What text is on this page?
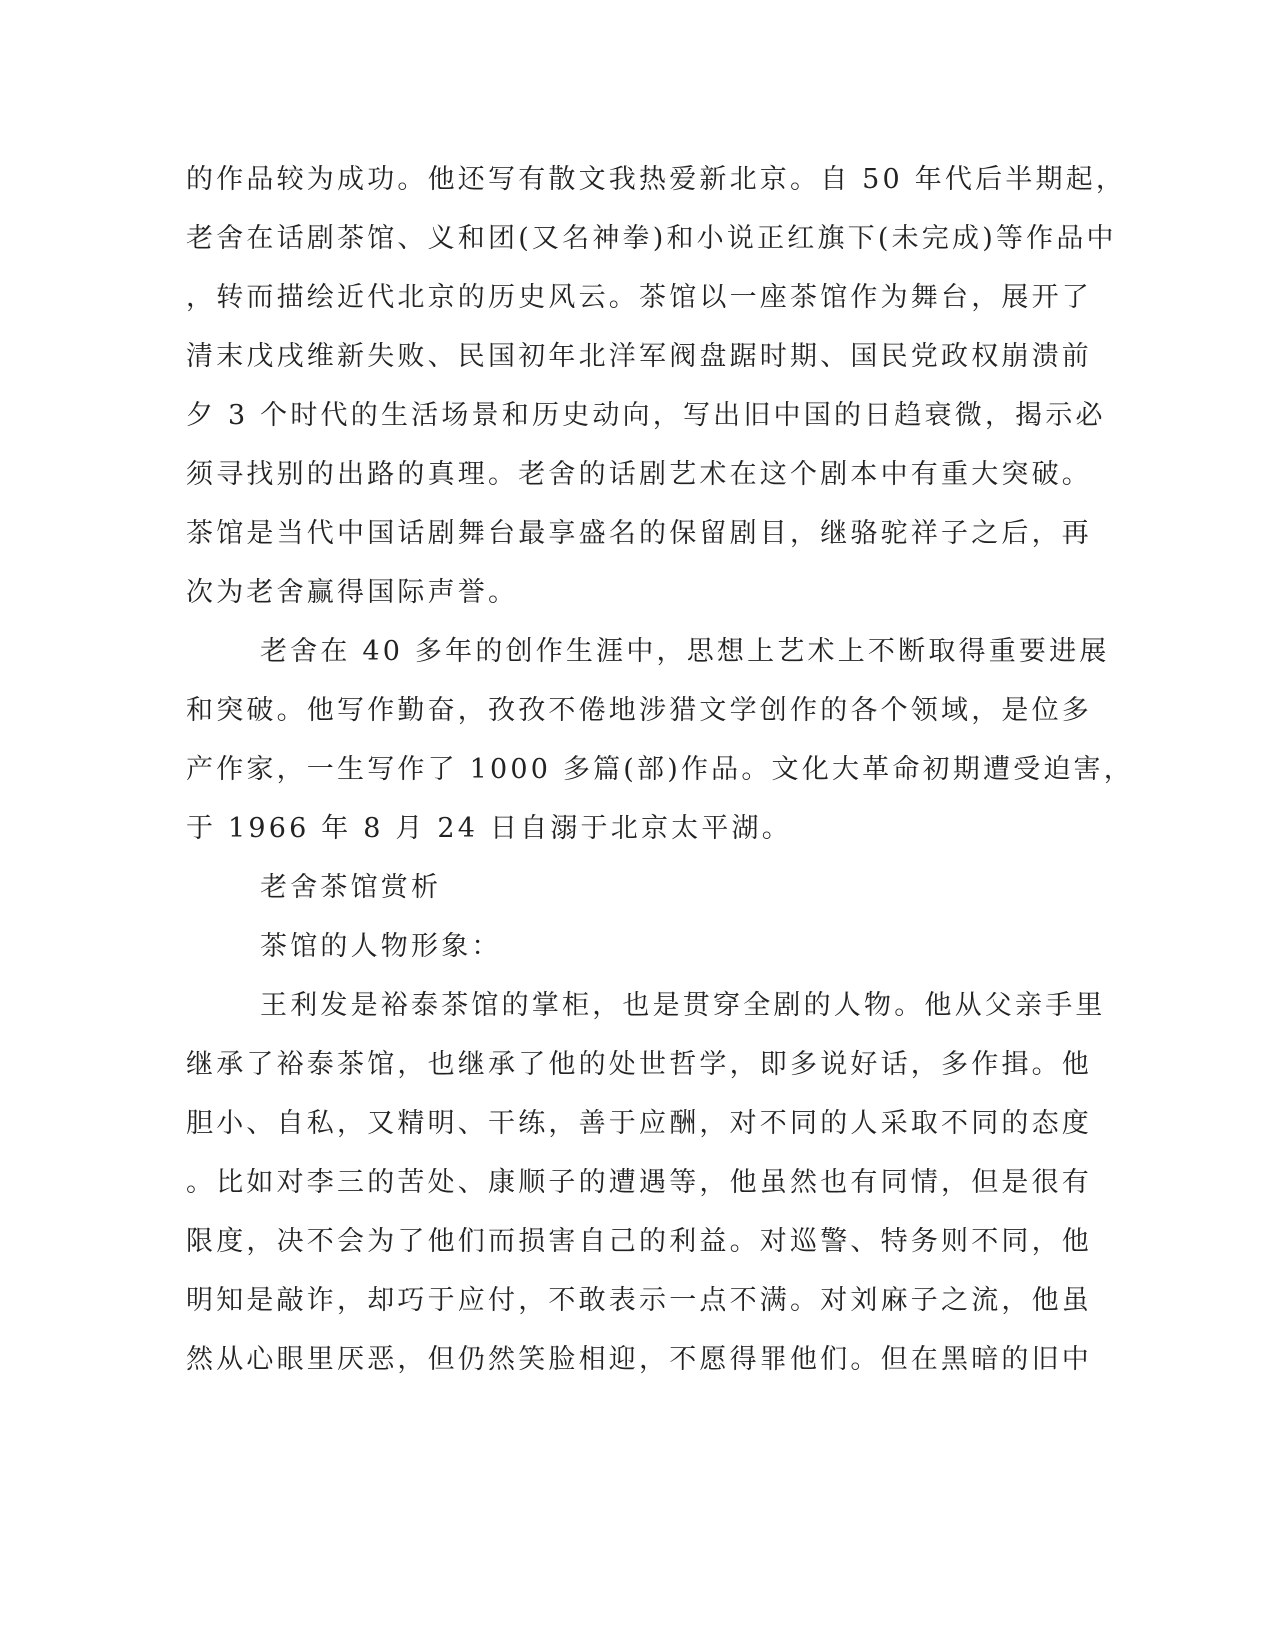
的作品较为成功。他还写有散文我热爱新北京。自 50 年代后半期起，
老舍在话剧茶馆、义和团(又名神拳)和小说正红旗下(未完成)等作品中
，转而描绘近代北京的历史风云。茶馆以一座茶馆作为舞台，展开了
清末戊戌维新失败、民国初年北洋军阀盘踞时期、国民党政权崩溃前
夕 3 个时代的生活场景和历史动向，写出旧中国的日趋衰微，揭示必
须寻找别的出路的真理。老舍的话剧艺术在这个剧本中有重大突破。
茶馆是当代中国话剧舞台最享盛名的保留剧目，继骆驼祥子之后，再
次为老舍赢得国际声誉。
老舍在 40 多年的创作生涯中，思想上艺术上不断取得重要进展
和突破。他写作勤奋，孜孜不倦地涉猎文学创作的各个领域，是位多
产作家，一生写作了 1000 多篇(部)作品。文化大革命初期遭受迫害，
于 1966 年 8 月 24 日自溺于北京太平湖。
老舍茶馆赏析
茶馆的人物形象：
王利发是裕泰茶馆的掌柜，也是贯穿全剧的人物。他从父亲手里
继承了裕泰茶馆，也继承了他的处世哲学，即多说好话，多作揖。他
胆小、自私，又精明、干练，善于应酬，对不同的人采取不同的态度
。比如对李三的苦处、康顺子的遭遇等，他虽然也有同情，但是很有
限度，决不会为了他们而损害自己的利益。对巡警、特务则不同，他
明知是敲诈，却巧于应付，不敢表示一点不满。对刘麻子之流，他虽
然从心眼里厌恶，但仍然笑脸相迎，不愿得罪他们。但在黑暗的旧中
